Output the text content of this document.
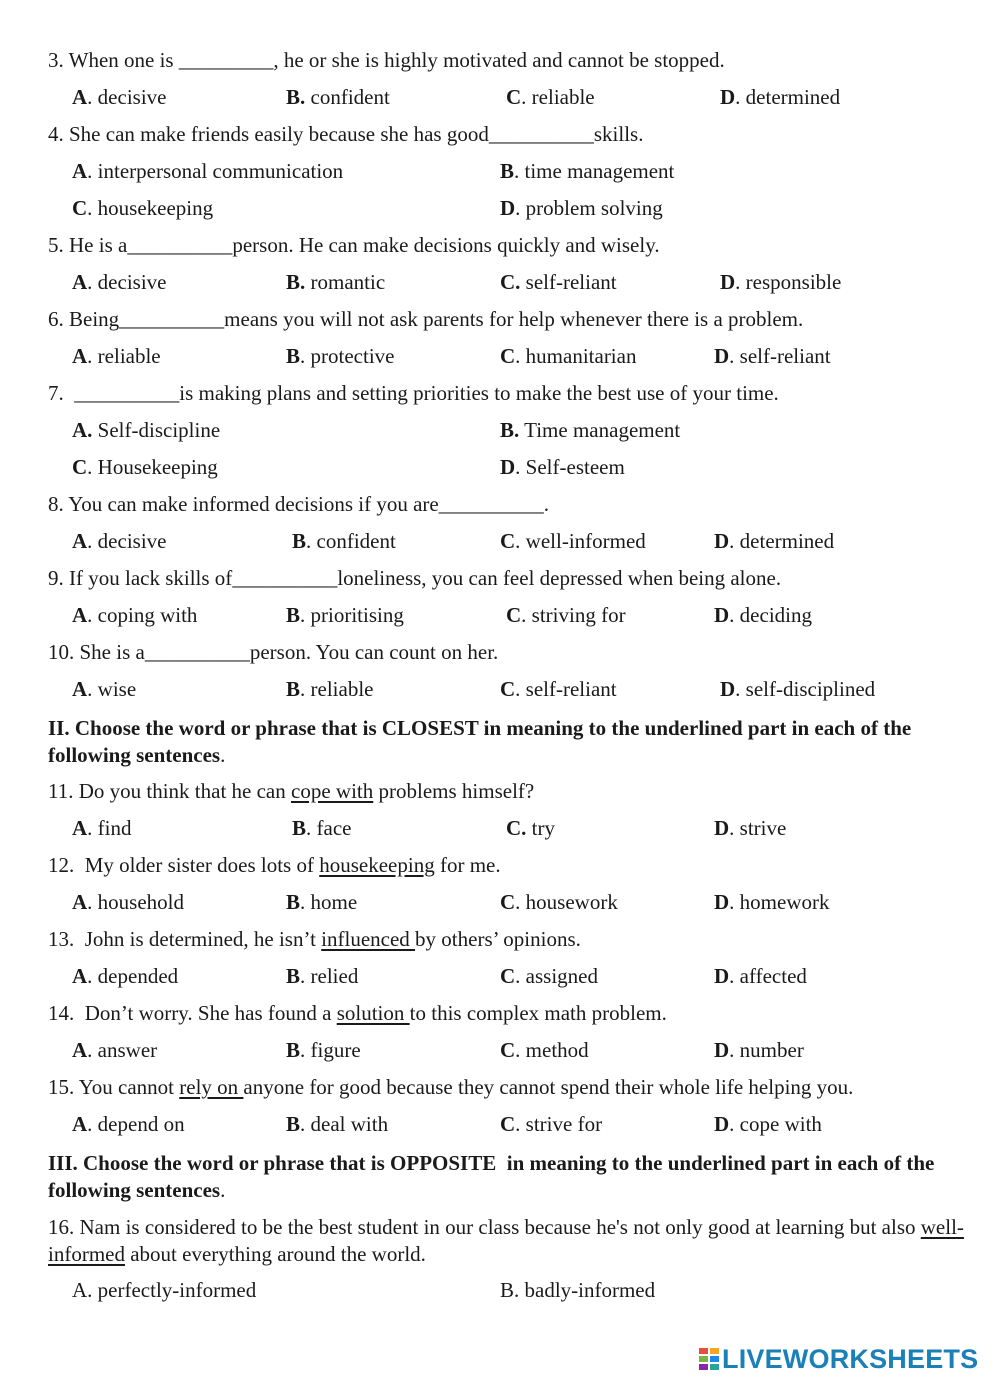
3. When one is _________, he or she is highly motivated and cannot be stopped.
A. decisive	B. confident	C. reliable	D. determined
4. She can make friends easily because she has good__________skills.
A. interpersonal communication	B. time management
C. housekeeping	D. problem solving
5. He is a__________person. He can make decisions quickly and wisely.
A. decisive	B. romantic	C. self-reliant	D. responsible
6. Being__________means you will not ask parents for help whenever there is a problem.
A. reliable	B. protective	C. humanitarian	D. self-reliant
7.  __________is making plans and setting priorities to make the best use of your time.
A. Self-discipline	B. Time management
C. Housekeeping	D. Self-esteem
8. You can make informed decisions if you are__________.
A. decisive	B. confident	C. well-informed	D. determined
9. If you lack skills of__________loneliness, you can feel depressed when being alone.
A. coping with	B. prioritising	C. striving for	D. deciding
10. She is a__________person. You can count on her.
A. wise	B. reliable	C. self-reliant	D. self-disciplined
II. Choose the word or phrase that is CLOSEST in meaning to the underlined part in each of the following sentences.
11. Do you think that he can cope with problems himself?
A. find	B. face	C. try	D. strive
12.  My older sister does lots of housekeeping for me.
A. household	B. home	C. housework	D. homework
13.  John is determined, he isn’t influenced by others’ opinions.
A. depended	B. relied	C. assigned	D. affected
14.  Don’t worry. She has found a solution to this complex math problem.
A. answer	B. figure	C. method	D. number
15. You cannot rely on anyone for good because they cannot spend their whole life helping you.
A. depend on	B. deal with	C. strive for	D. cope with
III. Choose the word or phrase that is OPPOSITE  in meaning to the underlined part in each of the following sentences.
16. Nam is considered to be the best student in our class because he's not only good at learning but also well-informed about everything around the world.
A. perfectly-informed	B. badly-informed
LIVEWORKSHEETS
